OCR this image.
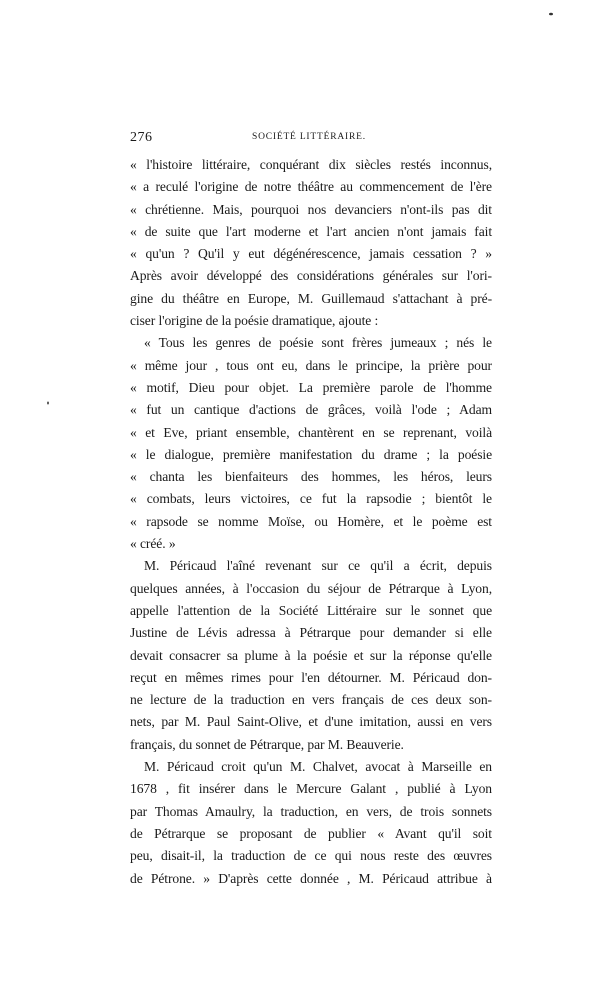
276	SOCIÉTÉ LITTÉRAIRE.
« l'histoire littéraire, conquérant dix siècles restés inconnus,
« a reculé l'origine de notre théâtre au commencement de l'ère
« chrétienne. Mais, pourquoi nos devanciers n'ont-ils pas dit
« de suite que l'art moderne et l'art ancien n'ont jamais fait
« qu'un ? Qu'il y eut dégénérescence, jamais cessation ? »
Après avoir développé des considérations générales sur l'ori-
gine du théâtre en Europe, M. Guillemaud s'attachant à pré-
ciser l'origine de la poésie dramatique, ajoute :
« Tous les genres de poésie sont frères jumeaux ; nés le
« même jour , tous ont eu, dans le principe, la prière pour
« motif, Dieu pour objet. La première parole de l'homme
« fut un cantique d'actions de grâces, voilà l'ode ; Adam
« et Eve, priant ensemble, chantèrent en se reprenant, voilà
« le dialogue, première manifestation du drame ; la poésie
« chanta les bienfaiteurs des hommes, les héros, leurs
« combats, leurs victoires, ce fut la rapsodie ; bientôt le
« rapsode se nomme Moïse, ou Homère, et le poème est
« créé. »
M. Péricaud l'aîné revenant sur ce qu'il a écrit, depuis
quelques années, à l'occasion du séjour de Pétrarque à Lyon,
appelle l'attention de la Société Littéraire sur le sonnet que
Justine de Lévis adressa à Pétrarque pour demander si elle
devait consacrer sa plume à la poésie et sur la réponse qu'elle
reçut en mêmes rimes pour l'en détourner. M. Péricaud don-
ne lecture de la traduction en vers français de ces deux son-
nets, par M. Paul Saint-Olive, et d'une imitation, aussi en vers
français, du sonnet de Pétrarque, par M. Beauverie.
M. Péricaud croit qu'un M. Chalvet, avocat à Marseille en
1678 , fit insérer dans le Mercure Galant , publié à Lyon
par Thomas Amaulry, la traduction, en vers, de trois sonnets
de Pétrarque se proposant de publier « Avant qu'il soit
peu, disait-il, la traduction de ce qui nous reste des œuvres
de Pétrone. » D'après cette donnée , M. Péricaud attribue à
